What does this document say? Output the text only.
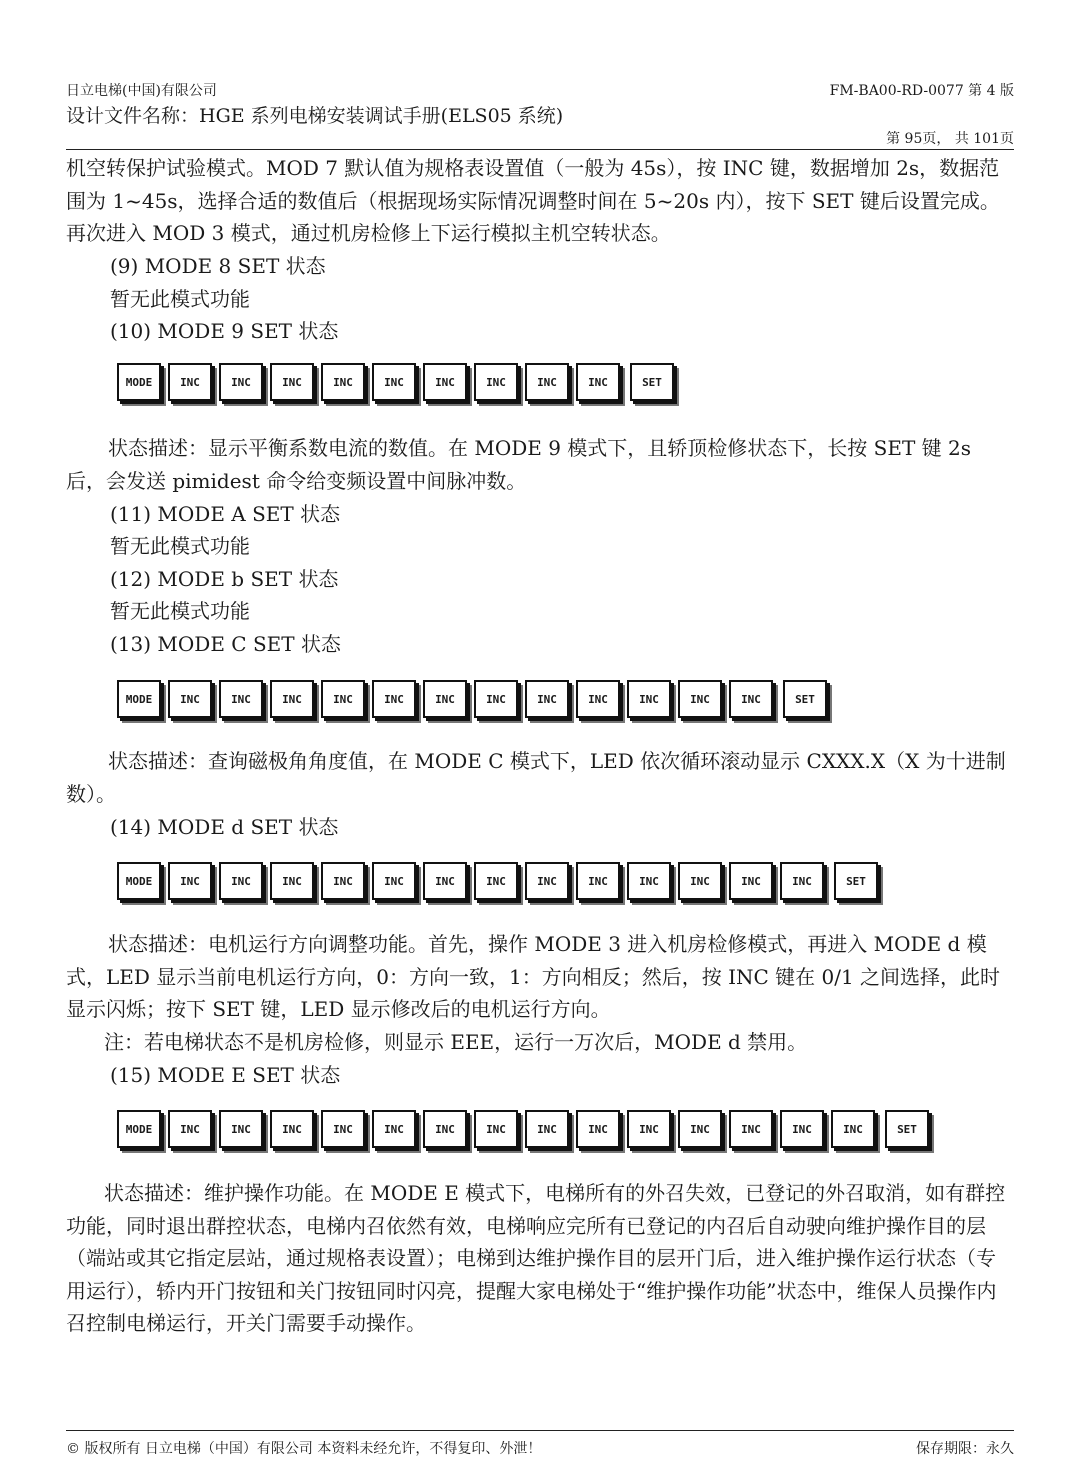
日立电梯(中国)有限公司	FM-BA00-RD-0077 第 4 版
设计文件名称：HGE 系列电梯安装调试手册(ELS05 系统)
第 95页， 共 101页

机空转保护试验模式。MOD 7 默认值为规格表设置值（一般为 45s），按 INC 键，数据增加 2s，数据范围为 1~45s，选择合适的数值后（根据现场实际情况调整时间在 5~20s 内），按下 SET 键后设置完成。再次进入 MOD 3 模式，通过机房检修上下运行模拟主机空转状态。

(9) MODE 8 SET 状态
暂无此模式功能
(10) MODE 9 SET 状态
MODE	INC	INC	INC	INC	INC	INC	INC	INC	INC	SET

状态描述：显示平衡系数电流的数值。在 MODE 9 模式下，且轿顶检修状态下，长按 SET 键 2s 后，会发送 pimidest 命令给变频设置中间脉冲数。

(11) MODE A SET 状态
暂无此模式功能
(12) MODE b SET 状态
暂无此模式功能
(13) MODE C SET 状态
MODE	INC	INC	INC	INC	INC	INC	INC	INC	INC	INC	INC	INC	SET

状态描述：查询磁极角角度值，在 MODE C 模式下，LED 依次循环滚动显示 CXXX.X（X 为十进制数）。

(14) MODE d SET 状态
MODE	INC	INC	INC	INC	INC	INC	INC	INC	INC	INC	INC	INC	INC	SET

状态描述：电机运行方向调整功能。首先，操作 MODE 3 进入机房检修模式，再进入 MODE d 模式，LED 显示当前电机运行方向，0：方向一致，1：方向相反；然后，按 INC 键在 0/1 之间选择，此时显示闪烁；按下 SET 键，LED 显示修改后的电机运行方向。

注：若电梯状态不是机房检修，则显示 EEE，运行一万次后，MODE d 禁用。

(15) MODE E SET 状态
MODE	INC	INC	INC	INC	INC	INC	INC	INC	INC	INC	INC	INC	INC	INC	SET

状态描述：维护操作功能。在 MODE E 模式下，电梯所有的外召失效，已登记的外召取消，如有群控功能，同时退出群控状态，电梯内召依然有效，电梯响应完所有已登记的内召后自动驶向维护操作目的层（端站或其它指定层站，通过规格表设置）；电梯到达维护操作目的层开门后，进入维护操作运行状态（专用运行），轿内开门按钮和关门按钮同时闪亮，提醒大家电梯处于“维护操作功能”状态中，维保人员操作内召控制电梯运行，开关门需要手动操作。

© 版权所有 日立电梯（中国）有限公司 本资料未经允许，不得复印、外泄！	保存期限：永久
